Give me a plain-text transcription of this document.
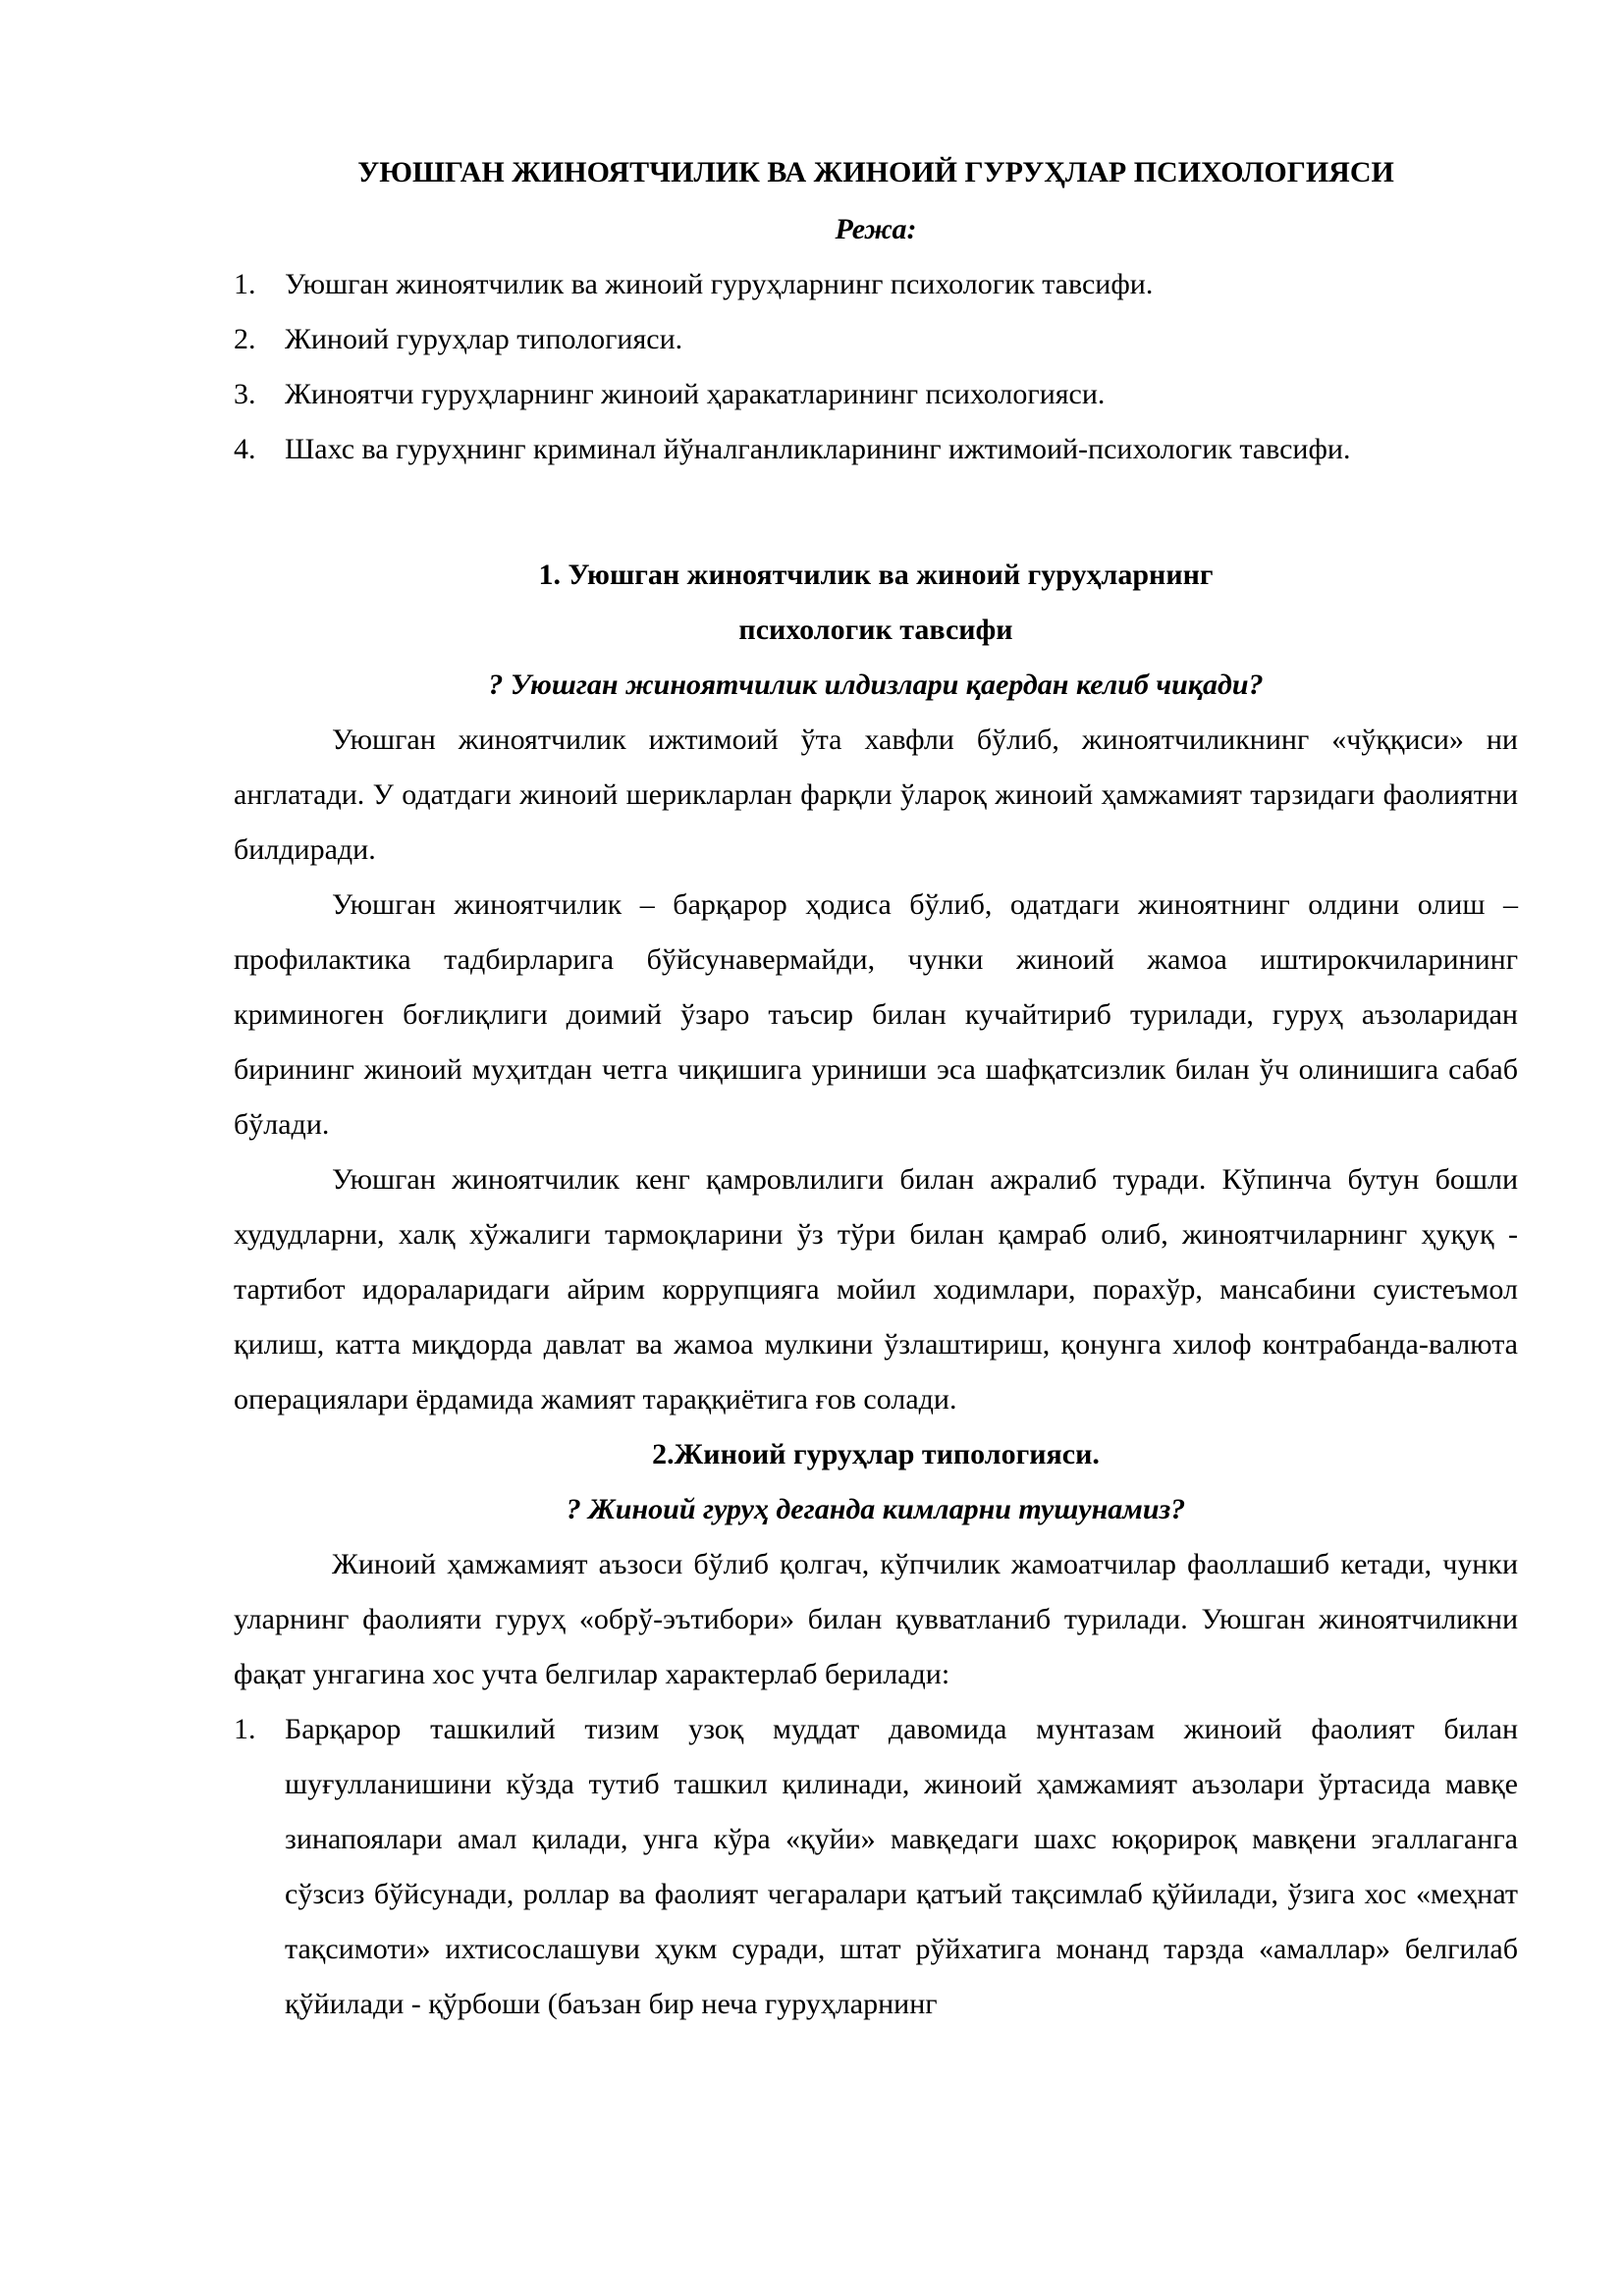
УЮШГАН ЖИНОЯТЧИЛИК ВА ЖИНОИЙ ГУРУҲЛАР ПСИХОЛОГИЯСИ
Режа:
1. Уюшган жиноятчилик ва жиноий гуруҳларнинг психологик тавсифи.
2. Жиноий гуруҳлар типологияси.
3. Жиноятчи гуруҳларнинг жиноий ҳаракатларининг психологияси.
4. Шахс ва гуруҳнинг криминал йўналганликларининг ижтимоий-психологик тавсифи.
1. Уюшган жиноятчилик ва жиноий гуруҳларнинг
психологик тавсифи
? Уюшган жиноятчилик илдизлари қаердан келиб чиқади?

Уюшган жиноятчилик ижтимоий ўта хавфли бўлиб, жиноятчиликнинг «чўққиси» ни англатади. У одатдаги жиноий шерикларлан фарқли ўлароқ жиноий ҳамжамият тарзидаги фаолиятни билдиради.

Уюшган жиноятчилик – барқарор ҳодиса бўлиб, одатдаги жиноятнинг олдини олиш – профилактика тадбирларига бўйсунавермайди, чунки жиноий жамоа иштирокчиларининг криминоген боғлиқлиги доимий ўзаро таъсир билан кучайтириб турилади, гуруҳ аъзоларидан бирининг жиноий муҳитдан четга чиқишига уриниши эса шафқатсизлик билан ўч олинишига сабаб бўлади.

Уюшган жиноятчилик кенг қамровлилиги билан ажралиб туради. Кўпинча бутун бошли худудларни, халқ хўжалиги тармоқларини ўз тўри билан қамраб олиб, жиноятчиларнинг ҳуқуқ - тартибот идораларидаги айрим коррупцияга мойил ходимлари, порахўр, мансабини суистеъмол қилиш, катта миқдорда давлат ва жамоа мулкини ўзлаштириш, қонунга хилоф контрабанда-валюта операциялари ёрдамида жамият тараққиётига ғов солади.

2.Жиноий гуруҳлар типологияси.
? Жиноий гуруҳ деганда кимларни тушунамиз?

Жиноий ҳамжамият аъзоси бўлиб қолгач, кўпчилик жамоатчилар фаоллашиб кетади, чунки уларнинг фаолияти гуруҳ «обрў-эътибори» билан қувватланиб турилади. Уюшган жиноятчиликни фақат унгагина хос учта белгилар характерлаб берилади:

1. Барқарор ташкилий тизим узоқ муддат давомида мунтазам жиноий фаолият билан шуғулланишини кўзда тутиб ташкил қилинади, жиноий ҳамжамият аъзолари ўртасида мавқе зинапоялари амал қилади, унга кўра «қуйи» мавқедаги шахс юқорироқ мавқени эгаллаганга сўзсиз бўйсунади, роллар ва фаолият чегаралари қатъий тақсимлаб қўйилади, ўзига хос «меҳнат тақсимоти» ихтисослашуви ҳукм суради, штат рўйхатига монанд тарзда «амаллар» белгилаб қўйилади - қўрбоши (баъзан бир неча гуруҳларнинг
